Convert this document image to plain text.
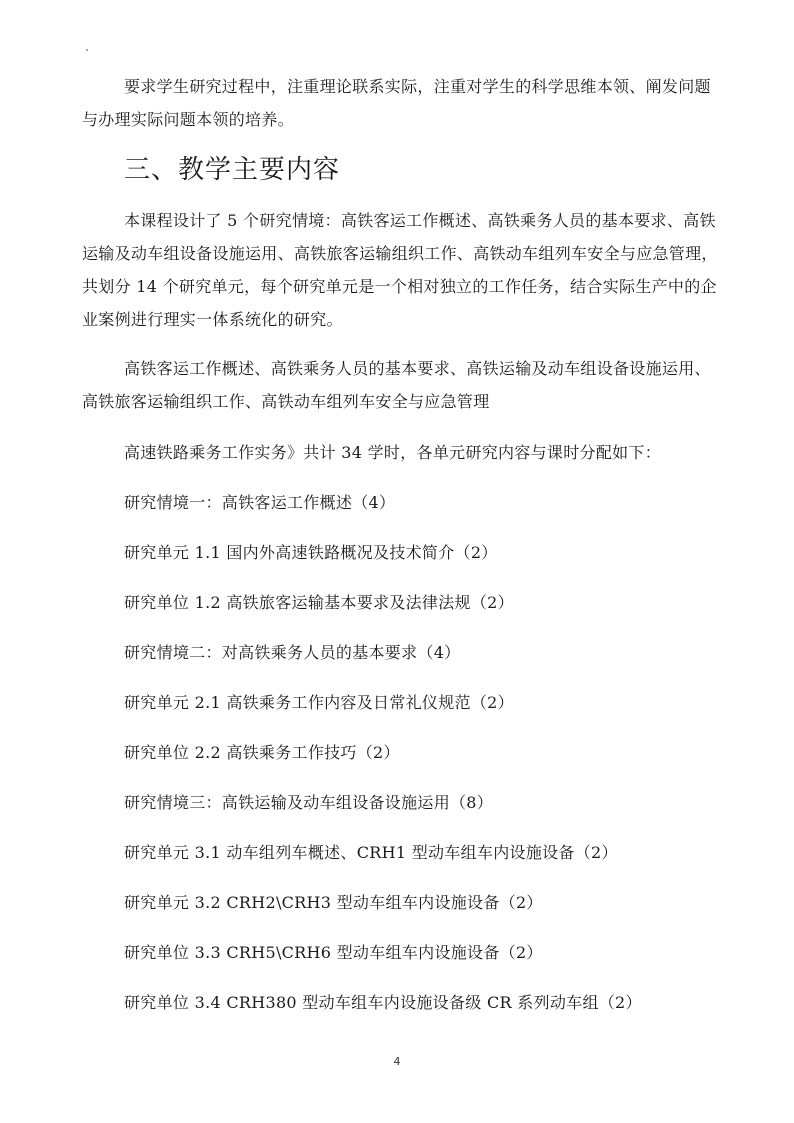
要求学生研究过程中，注重理论联系实际，注重对学生的科学思维本领、阐发问题与办理实际问题本领的培养。

三、教学主要内容

本课程设计了 5 个研究情境：高铁客运工作概述、高铁乘务人员的基本要求、高铁运输及动车组设备设施运用、高铁旅客运输组织工作、高铁动车组列车安全与应急管理，共划分 14 个研究单元，每个研究单元是一个相对独立的工作任务，结合实际生产中的企业案例进行理实一体系统化的研究。

高铁客运工作概述、高铁乘务人员的基本要求、高铁运输及动车组设备设施运用、高铁旅客运输组织工作、高铁动车组列车安全与应急管理

高速铁路乘务工作实务》共计 34 学时，各单元研究内容与课时分配如下：

研究情境一：高铁客运工作概述（4）

研究单元 1.1 国内外高速铁路概况及技术简介（2）

研究单位 1.2 高铁旅客运输基本要求及法律法规（2）

研究情境二：对高铁乘务人员的基本要求（4）

研究单元 2.1 高铁乘务工作内容及日常礼仪规范（2）

研究单位 2.2 高铁乘务工作技巧（2）

研究情境三：高铁运输及动车组设备设施运用（8）

研究单元 3.1 动车组列车概述、CRH1 型动车组车内设施设备（2）

研究单元 3.2 CRH2\CRH3 型动车组车内设施设备（2）

研究单位 3.3 CRH5\CRH6 型动车组车内设施设备（2）

研究单位 3.4 CRH380 型动车组车内设施设备级 CR 系列动车组（2）

4
